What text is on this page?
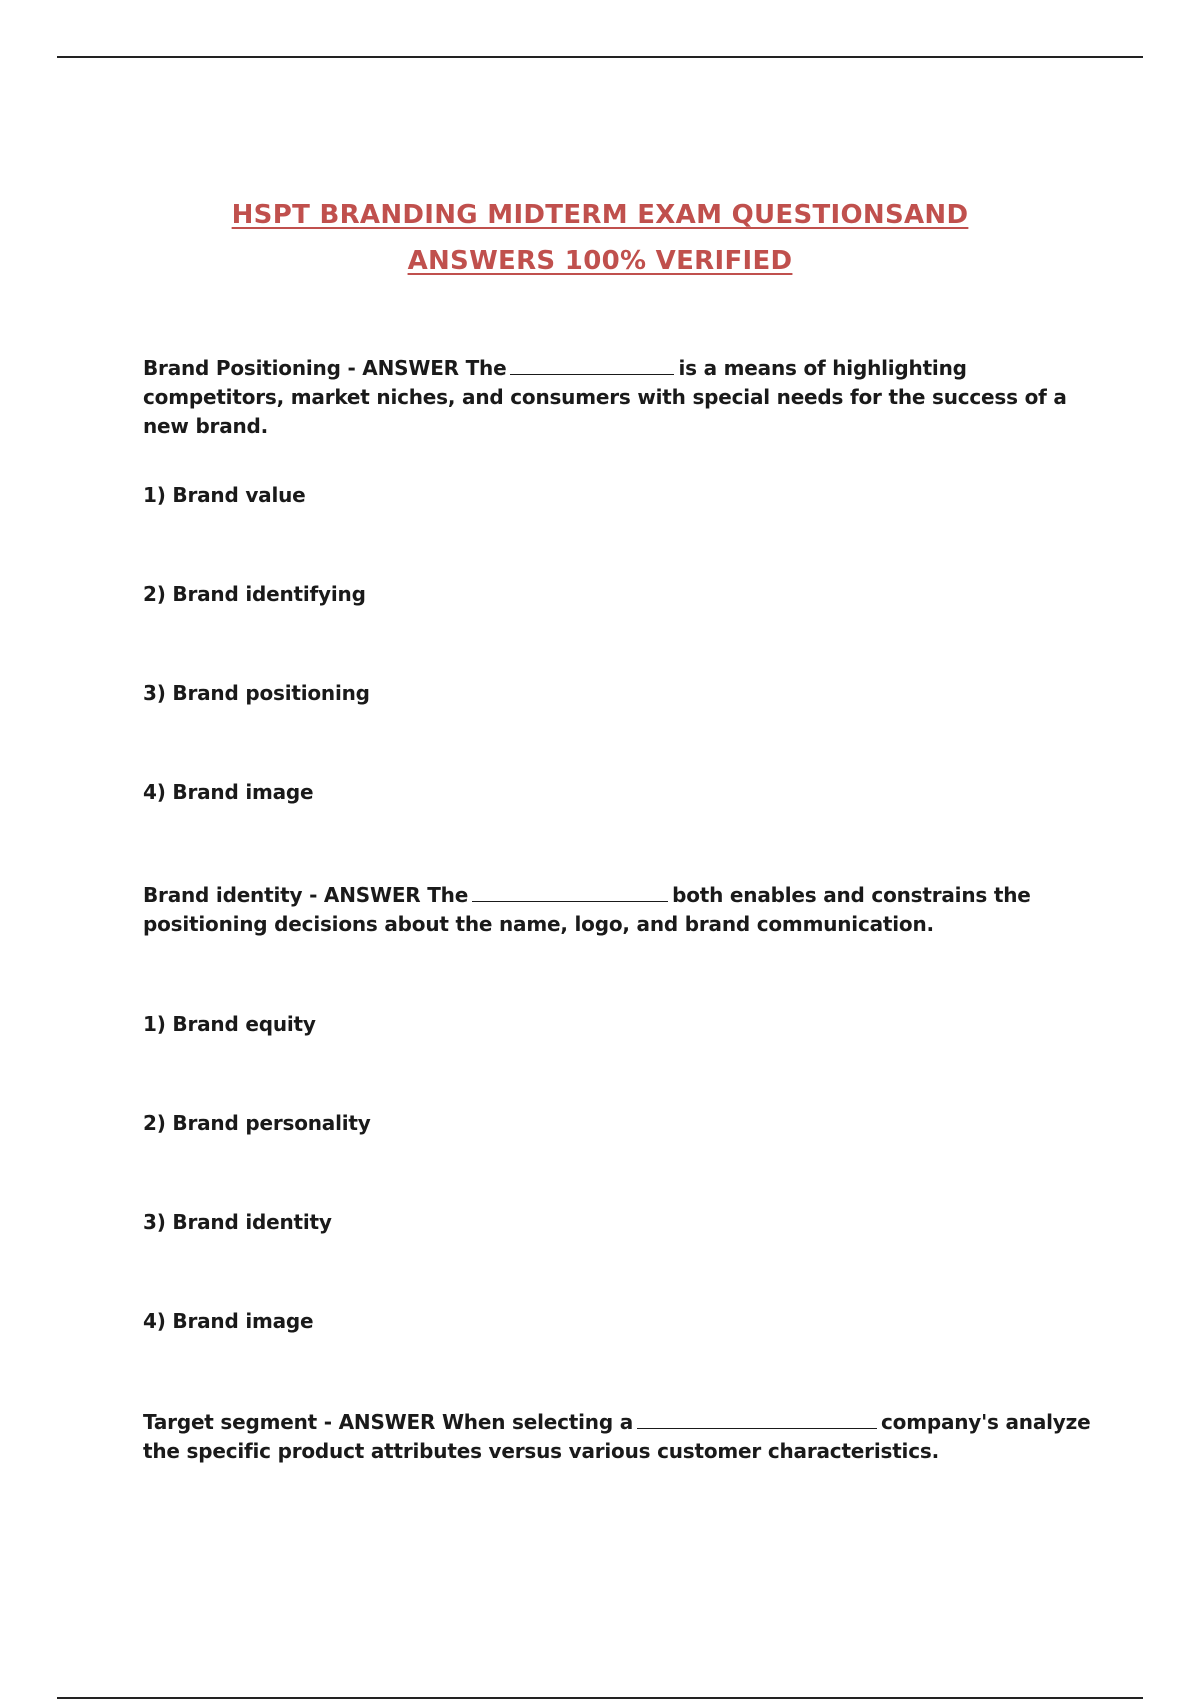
HSPT BRANDING MIDTERM EXAM QUESTIONSAND
ANSWERS 100% VERIFIED
Brand Positioning - ANSWER The	is a means of highlighting competitors, market niches, and consumers with special needs for the success of a new brand.
1) Brand value
2) Brand identifying
3) Brand positioning
4) Brand image
Brand identity - ANSWER The	both enables and constrains the positioning decisions about the name, logo, and brand communication.
1) Brand equity
2) Brand personality
3) Brand identity
4) Brand image
Target segment - ANSWER When selecting a	company's analyze the specific product attributes versus various customer characteristics.
